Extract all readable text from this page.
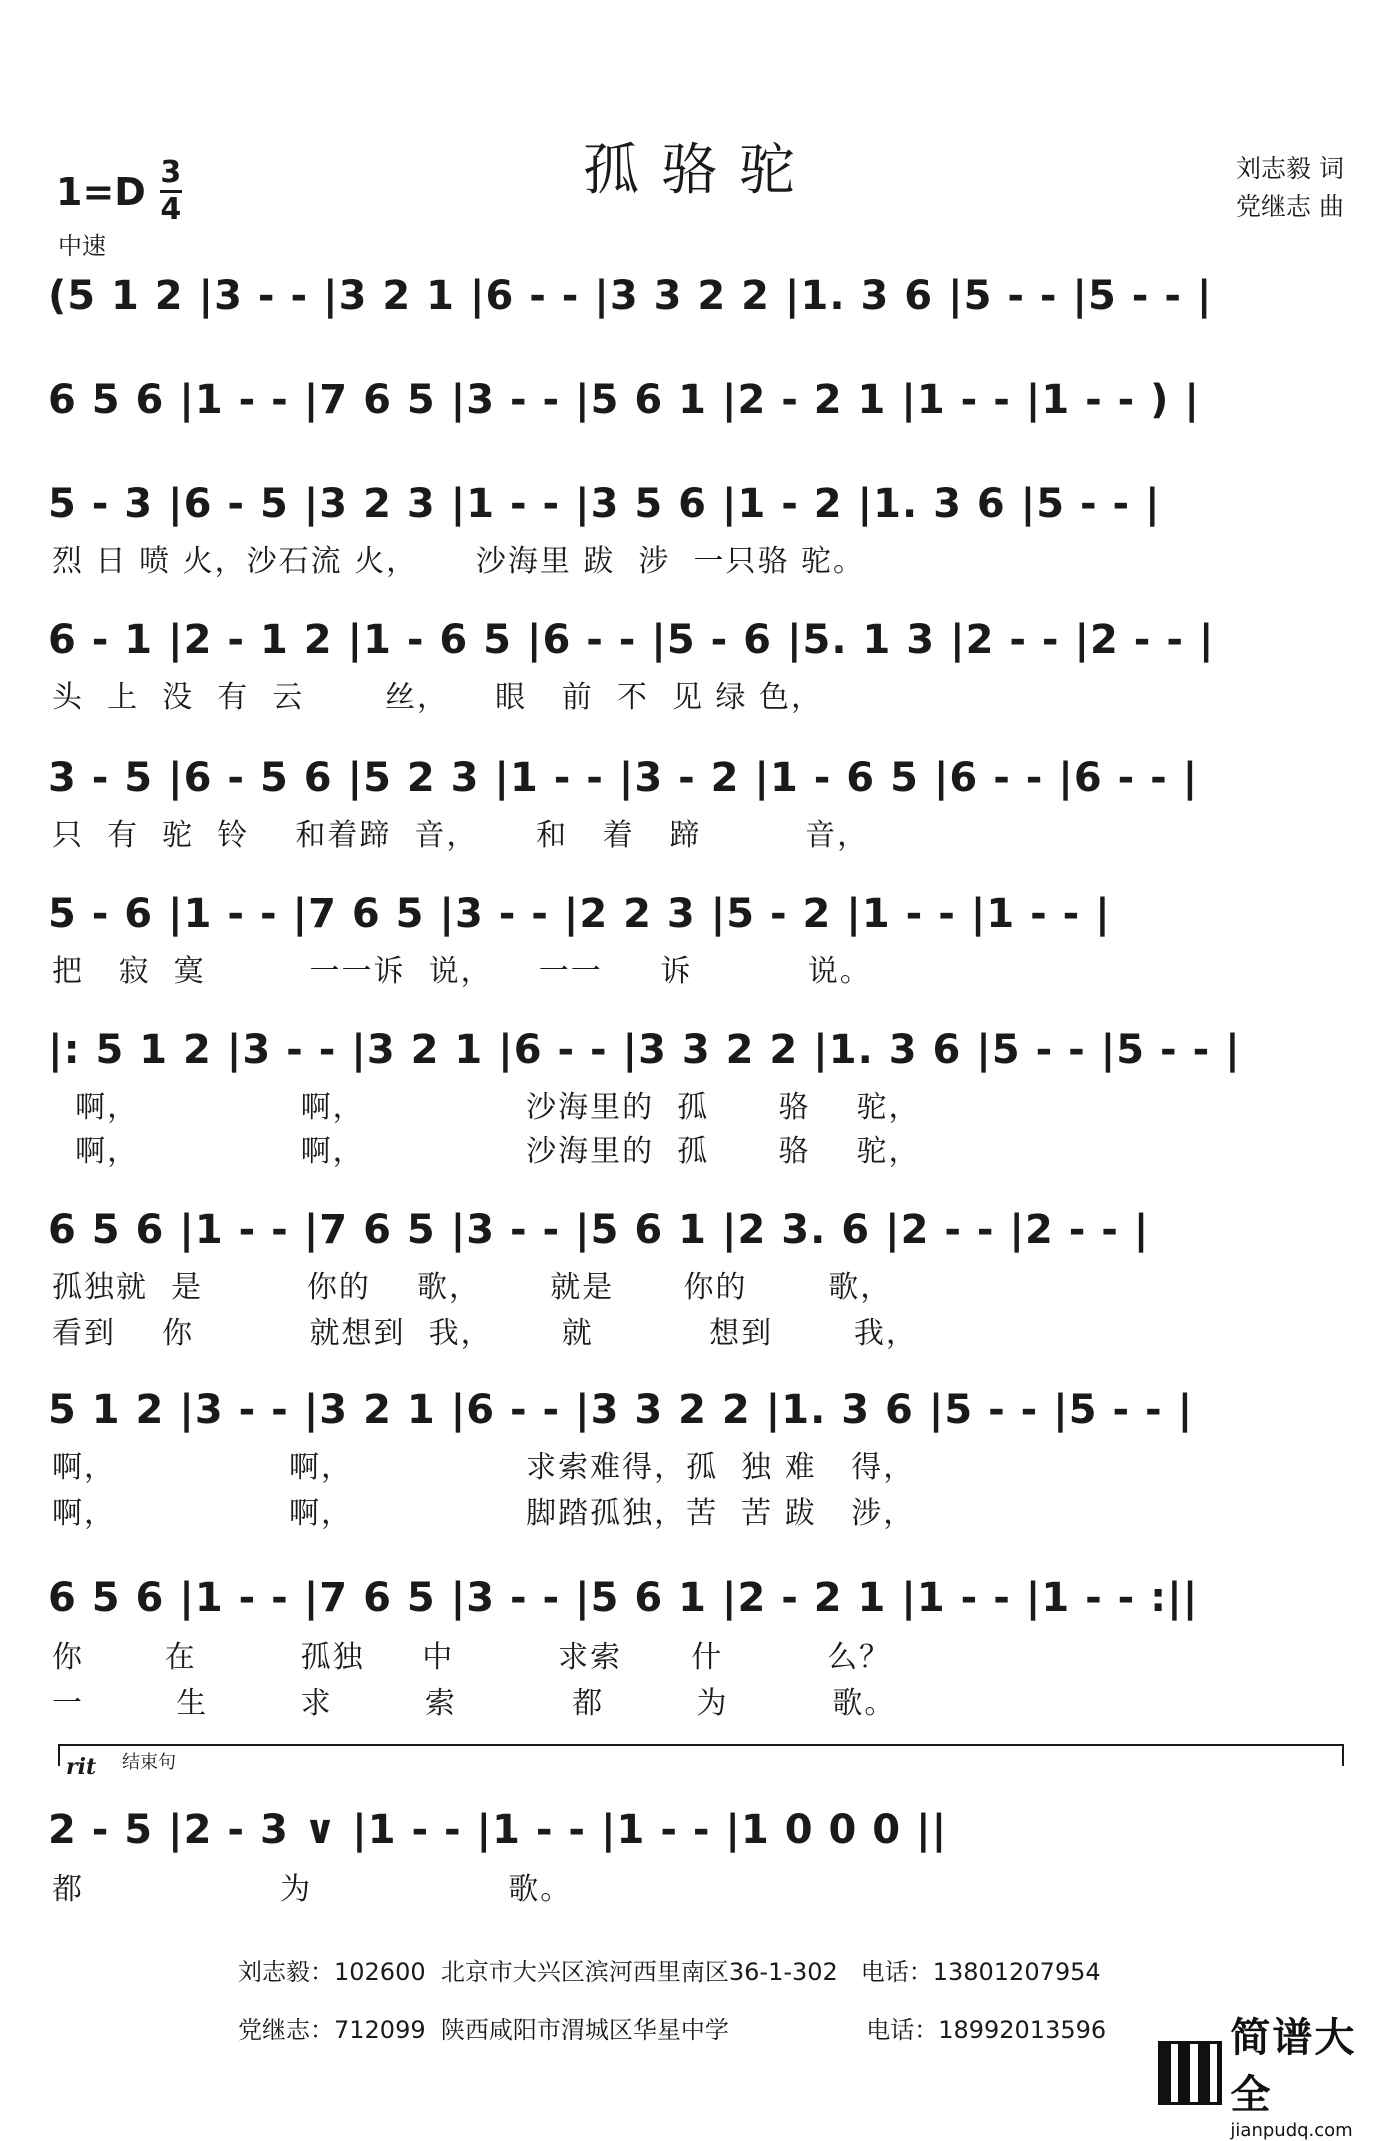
孤骆驼
1=D 3
4
中速
刘志毅 词
党继志 曲
(5 1 2 |3 - - |3 2 1 |6 - - |3 3 2 2 |1. 3 6 |5 - - |5 - - |
6 5 6 |1 - - |7 6 5 |3 - - |5 6 1 |2 - 2 1 |1 - - |1 - - ) |
5 - 3 |6 - 5 |3 2 3 |1 - - |3 5 6 |1 - 2 |1. 3 6 |5 - - |
烈 日 喷 火，沙石流 火，     沙海里 跋  涉  一只骆 驼。
6 - 1 |2 - 1 2 |1 - 6 5 |6 - - |5 - 6 |5. 1 3 |2 - - |2 - - |
头  上  没  有  云       丝，    眼   前  不  见 绿 色，
3 - 5 |6 - 5 6 |5 2 3 |1 - - |3 - 2 |1 - 6 5 |6 - - |6 - - |
只  有  驼  铃    和着蹄  音，     和   着   蹄         音，
5 - 6 |1 - - |7 6 5 |3 - - |2 2 3 |5 - 2 |1 - - |1 - - |
把   寂  寞         一一诉  说，    一一     诉          说。
|: 5 1 2 |3 - - |3 2 1 |6 - - |3 3 2 2 |1. 3 6 |5 - - |5 - - |
啊，              啊，              沙海里的  孤      骆    驼，
啊，              啊，              沙海里的  孤      骆    驼，
6 5 6 |1 - - |7 6 5 |3 - - |5 6 1 |2 3. 6 |2 - - |2 - - |
孤独就  是         你的    歌，      就是      你的       歌，
看到    你          就想到  我，      就          想到       我，
5 1 2 |3 - - |3 2 1 |6 - - |3 3 2 2 |1. 3 6 |5 - - |5 - - |
啊，               啊，               求索难得，孤  独 难   得，
啊，               啊，               脚踏孤独，苦  苦 跋   涉，
6 5 6 |1 - - |7 6 5 |3 - - |5 6 1 |2 - 2 1 |1 - - |1 - - :||
你       在         孤独     中         求索      什         么？
一        生        求        索          都        为         歌。
rit 结束句
2 - 5 |2 - 3 ∨ |1 - - |1 - - |1 - - |1 0 0 0 ||
都                 为                 歌。
刘志毅：102600  北京市大兴区滨河西里南区36-1-302   电话：13801207954
党继志：712099  陕西咸阳市渭城区华星中学                  电话：18992013596	简谱大全
jianpudq.com
